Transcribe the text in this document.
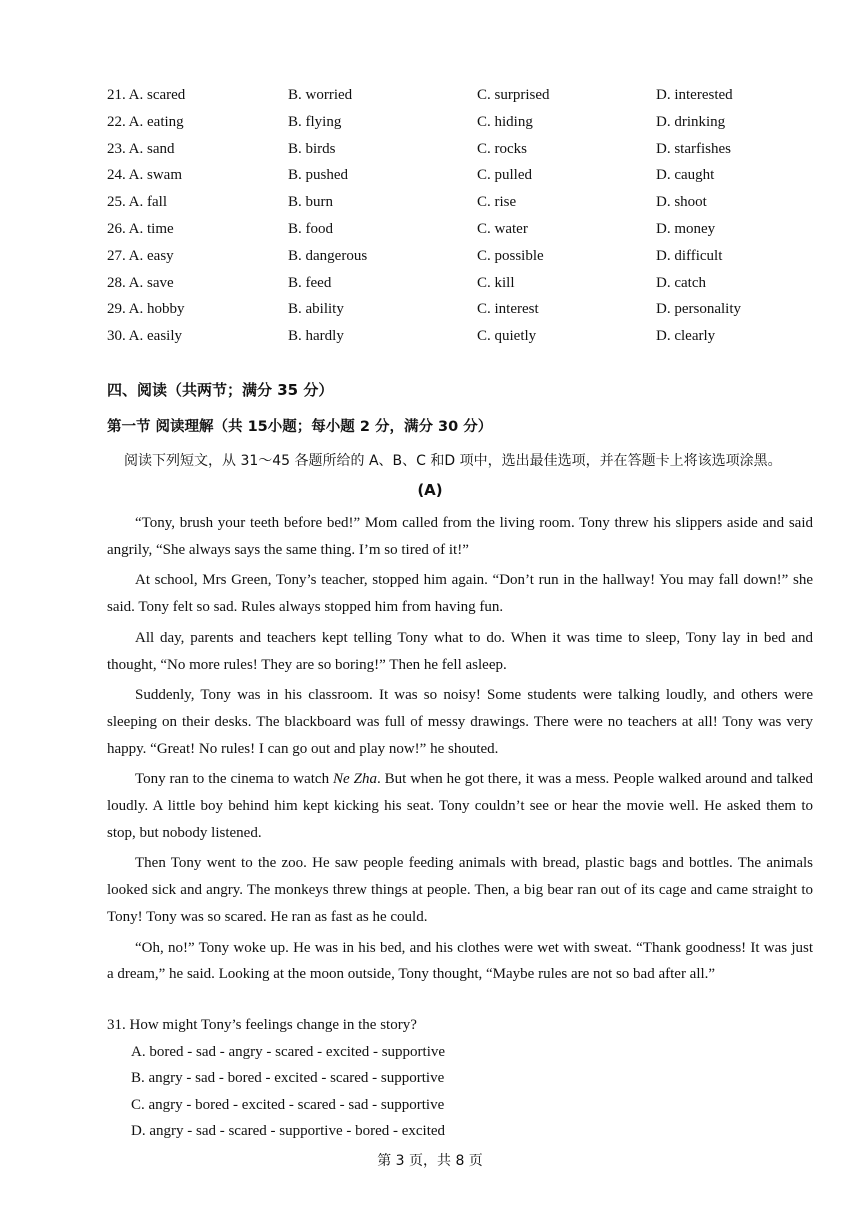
21. A. scared	B. worried	C. surprised	D. interested
22. A. eating	B. flying	C. hiding	D. drinking
23. A. sand	B. birds	C. rocks	D. starfishes
24. A. swam	B. pushed	C. pulled	D. caught
25. A. fall	B. burn	C. rise	D. shoot
26. A. time	B. food	C. water	D. money
27. A. easy	B. dangerous	C. possible	D. difficult
28. A. save	B. feed	C. kill	D. catch
29. A. hobby	B. ability	C. interest	D. personality
30. A. easily	B. hardly	C. quietly	D. clearly
四、阅读（共两节；满分 35 分）
第一节 阅读理解（共 15小题；每小题 2 分，满分 30 分）
阅读下列短文，从 31～45 各题所给的 A、B、C 和D 项中，选出最佳选项，并在答题卡上将该选项涂黑。
(A)

“Tony, brush your teeth before bed!” Mom called from the living room. Tony threw his slippers aside and said angrily, “She always says the same thing. I’m so tired of it!”

At school, Mrs Green, Tony’s teacher, stopped him again. “Don’t run in the hallway! You may fall down!” she said. Tony felt so sad. Rules always stopped him from having fun.

All day, parents and teachers kept telling Tony what to do. When it was time to sleep, Tony lay in bed and thought, “No more rules! They are so boring!” Then he fell asleep.

Suddenly, Tony was in his classroom. It was so noisy! Some students were talking loudly, and others were sleeping on their desks. The blackboard was full of messy drawings. There were no teachers at all! Tony was very happy. “Great! No rules! I can go out and play now!” he shouted.

Tony ran to the cinema to watch Ne Zha. But when he got there, it was a mess. People walked around and talked loudly. A little boy behind him kept kicking his seat. Tony couldn’t see or hear the movie well. He asked them to stop, but nobody listened.

Then Tony went to the zoo. He saw people feeding animals with bread, plastic bags and bottles. The animals looked sick and angry. The monkeys threw things at people. Then, a big bear ran out of its cage and came straight to Tony! Tony was so scared. He ran as fast as he could.

“Oh, no!” Tony woke up. He was in his bed, and his clothes were wet with sweat. “Thank goodness! It was just a dream,” he said. Looking at the moon outside, Tony thought, “Maybe rules are not so bad after all.”

31. How might Tony’s feelings change in the story?
A. bored - sad - angry - scared - excited - supportive
B. angry - sad - bored - excited - scared - supportive
C. angry - bored - excited - scared - sad - supportive
D. angry - sad - scared - supportive - bored - excited
第 3 页，共 8 页
